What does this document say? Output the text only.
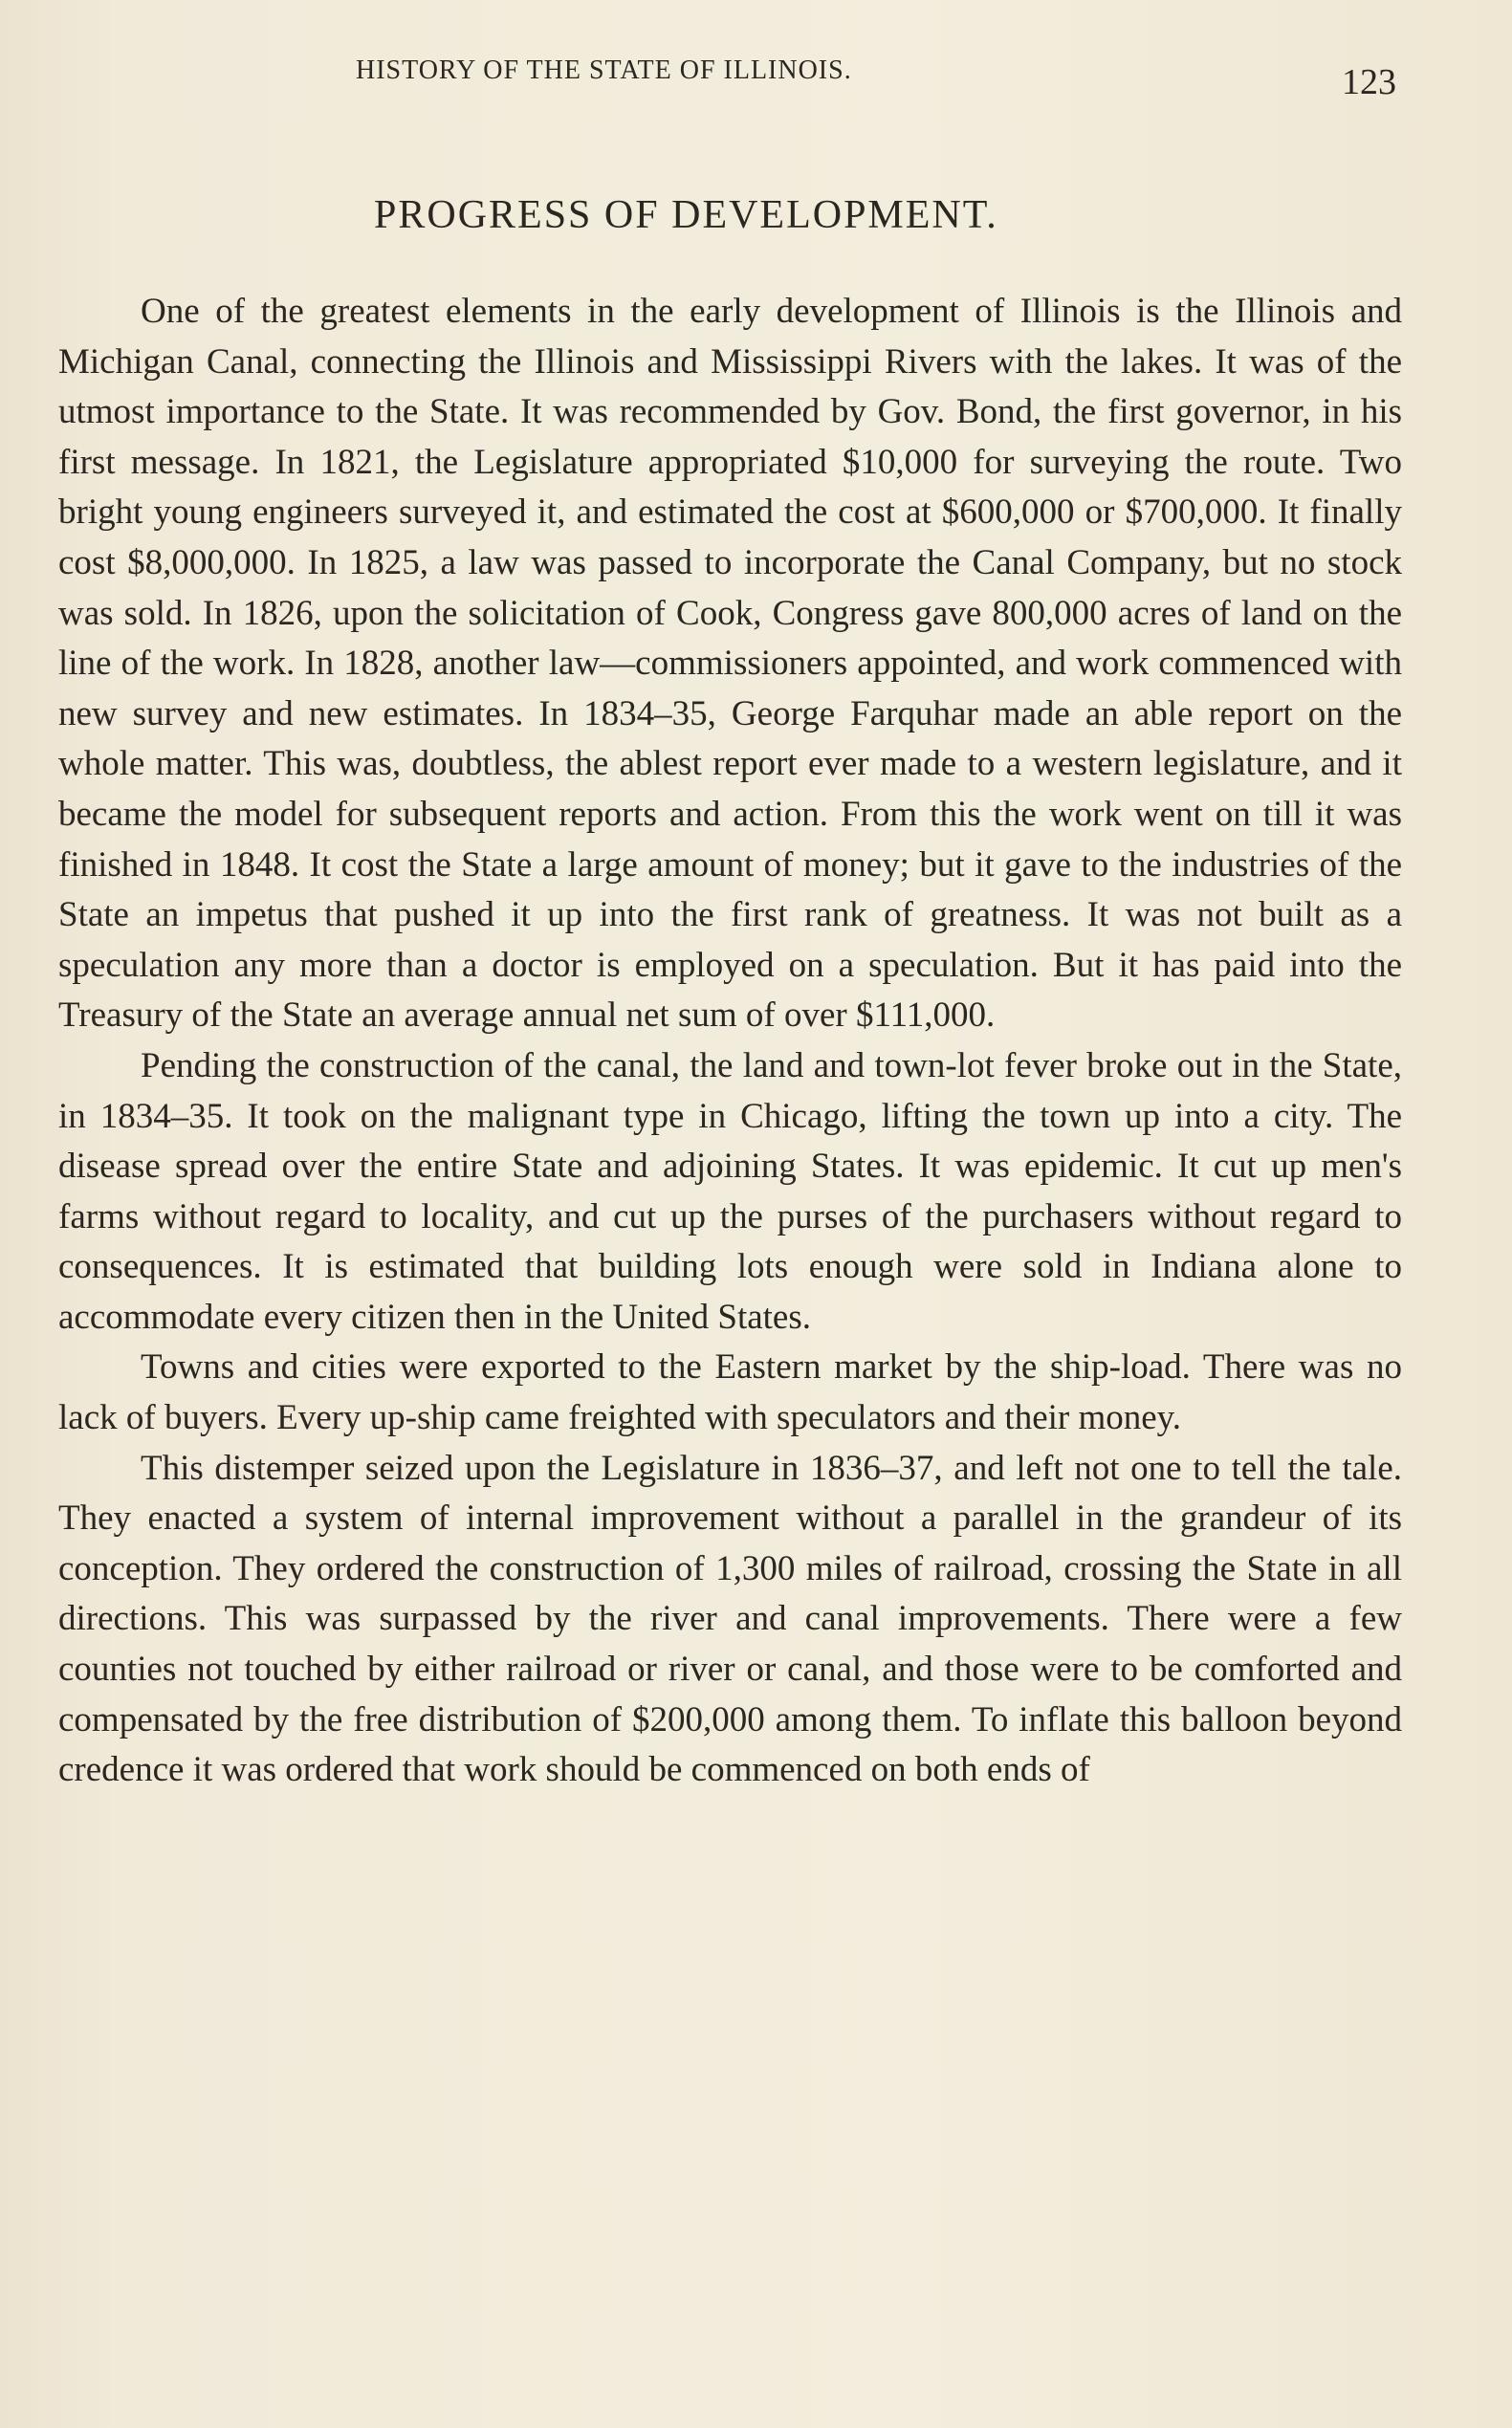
HISTORY OF THE STATE OF ILLINOIS.	123
PROGRESS OF DEVELOPMENT.

One of the greatest elements in the early development of Illinois is the Illinois and Michigan Canal, connecting the Illinois and Mississippi Rivers with the lakes. It was of the utmost importance to the State. It was recommended by Gov. Bond, the first governor, in his first message. In 1821, the Legislature appropriated $10,000 for surveying the route. Two bright young engineers surveyed it, and estimated the cost at $600,000 or $700,000. It finally cost $8,000,000. In 1825, a law was passed to incorporate the Canal Company, but no stock was sold. In 1826, upon the solicitation of Cook, Congress gave 800,000 acres of land on the line of the work. In 1828, another law—commissioners appointed, and work commenced with new survey and new estimates. In 1834–35, George Farquhar made an able report on the whole matter. This was, doubtless, the ablest report ever made to a western legislature, and it became the model for subsequent reports and action. From this the work went on till it was finished in 1848. It cost the State a large amount of money; but it gave to the industries of the State an impetus that pushed it up into the first rank of greatness. It was not built as a speculation any more than a doctor is employed on a speculation. But it has paid into the Treasury of the State an average annual net sum of over $111,000.

Pending the construction of the canal, the land and town-lot fever broke out in the State, in 1834–35. It took on the malignant type in Chicago, lifting the town up into a city. The disease spread over the entire State and adjoining States. It was epidemic. It cut up men's farms without regard to locality, and cut up the purses of the purchasers without regard to consequences. It is estimated that building lots enough were sold in Indiana alone to accommodate every citizen then in the United States.

Towns and cities were exported to the Eastern market by the ship-load. There was no lack of buyers. Every up-ship came freighted with speculators and their money.

This distemper seized upon the Legislature in 1836–37, and left not one to tell the tale. They enacted a system of internal improvement without a parallel in the grandeur of its conception. They ordered the construction of 1,300 miles of railroad, crossing the State in all directions. This was surpassed by the river and canal improvements. There were a few counties not touched by either railroad or river or canal, and those were to be comforted and compensated by the free distribution of $200,000 among them. To inflate this balloon beyond credence it was ordered that work should be commenced on both ends of
